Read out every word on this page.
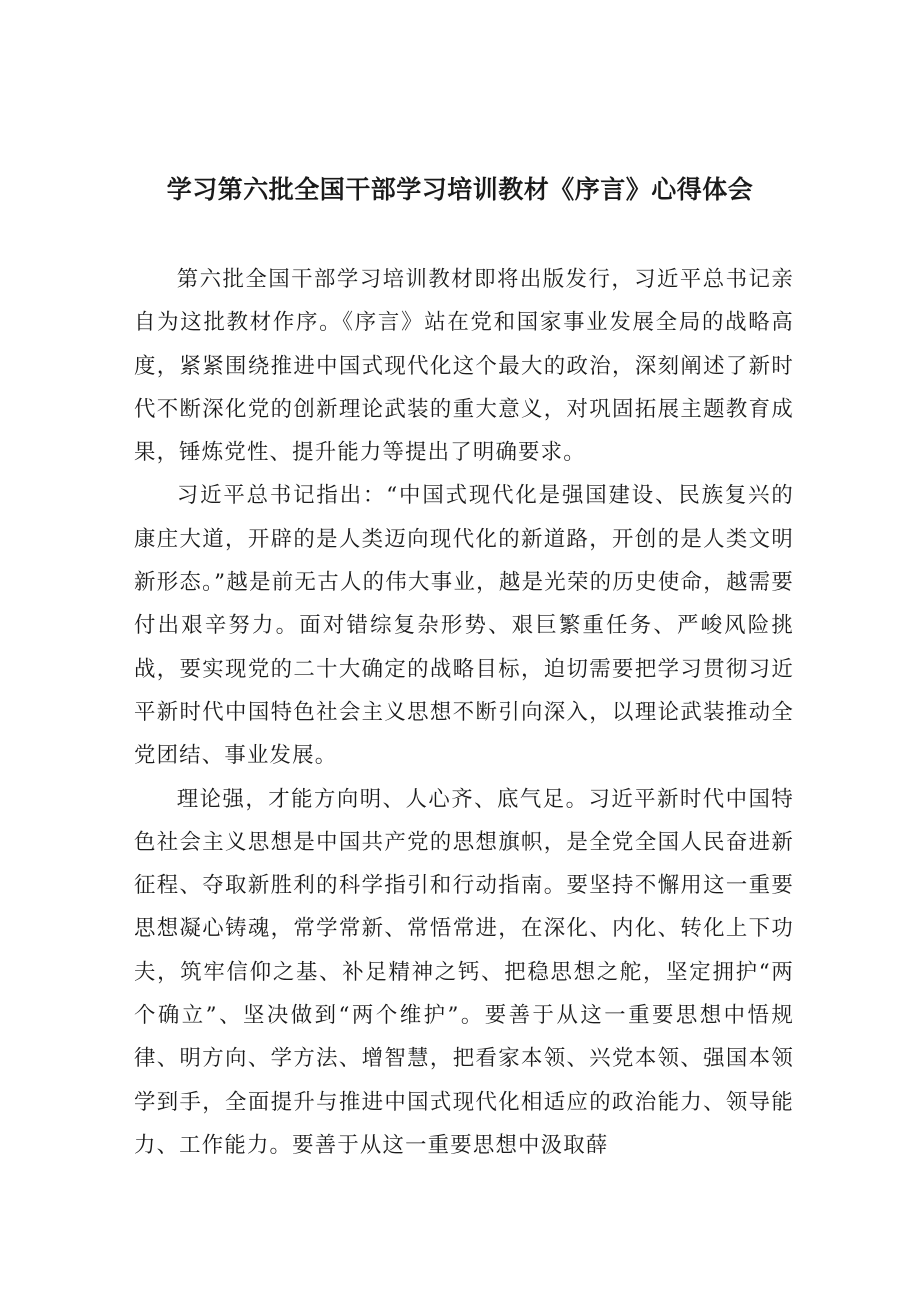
学习第六批全国干部学习培训教材《序言》心得体会

第六批全国干部学习培训教材即将出版发行，习近平总书记亲自为这批教材作序。《序言》站在党和国家事业发展全局的战略高度，紧紧围绕推进中国式现代化这个最大的政治，深刻阐述了新时代不断深化党的创新理论武装的重大意义，对巩固拓展主题教育成果，锤炼党性、提升能力等提出了明确要求。

习近平总书记指出：“中国式现代化是强国建设、民族复兴的康庄大道，开辟的是人类迈向现代化的新道路，开创的是人类文明新形态。”越是前无古人的伟大事业，越是光荣的历史使命，越需要付出艰辛努力。面对错综复杂形势、艰巨繁重任务、严峻风险挑战，要实现党的二十大确定的战略目标，迫切需要把学习贯彻习近平新时代中国特色社会主义思想不断引向深入，以理论武装推动全党团结、事业发展。

理论强，才能方向明、人心齐、底气足。习近平新时代中国特色社会主义思想是中国共产党的思想旗帜，是全党全国人民奋进新征程、夺取新胜利的科学指引和行动指南。要坚持不懈用这一重要思想凝心铸魂，常学常新、常悟常进，在深化、内化、转化上下功夫，筑牢信仰之基、补足精神之钙、把稳思想之舵，坚定拥护“两个确立”、坚决做到“两个维护”。要善于从这一重要思想中悟规律、明方向、学方法、增智慧，把看家本领、兴党本领、强国本领学到手，全面提升与推进中国式现代化相适应的政治能力、领导能力、工作能力。要善于从这一重要思想中汲取薛
